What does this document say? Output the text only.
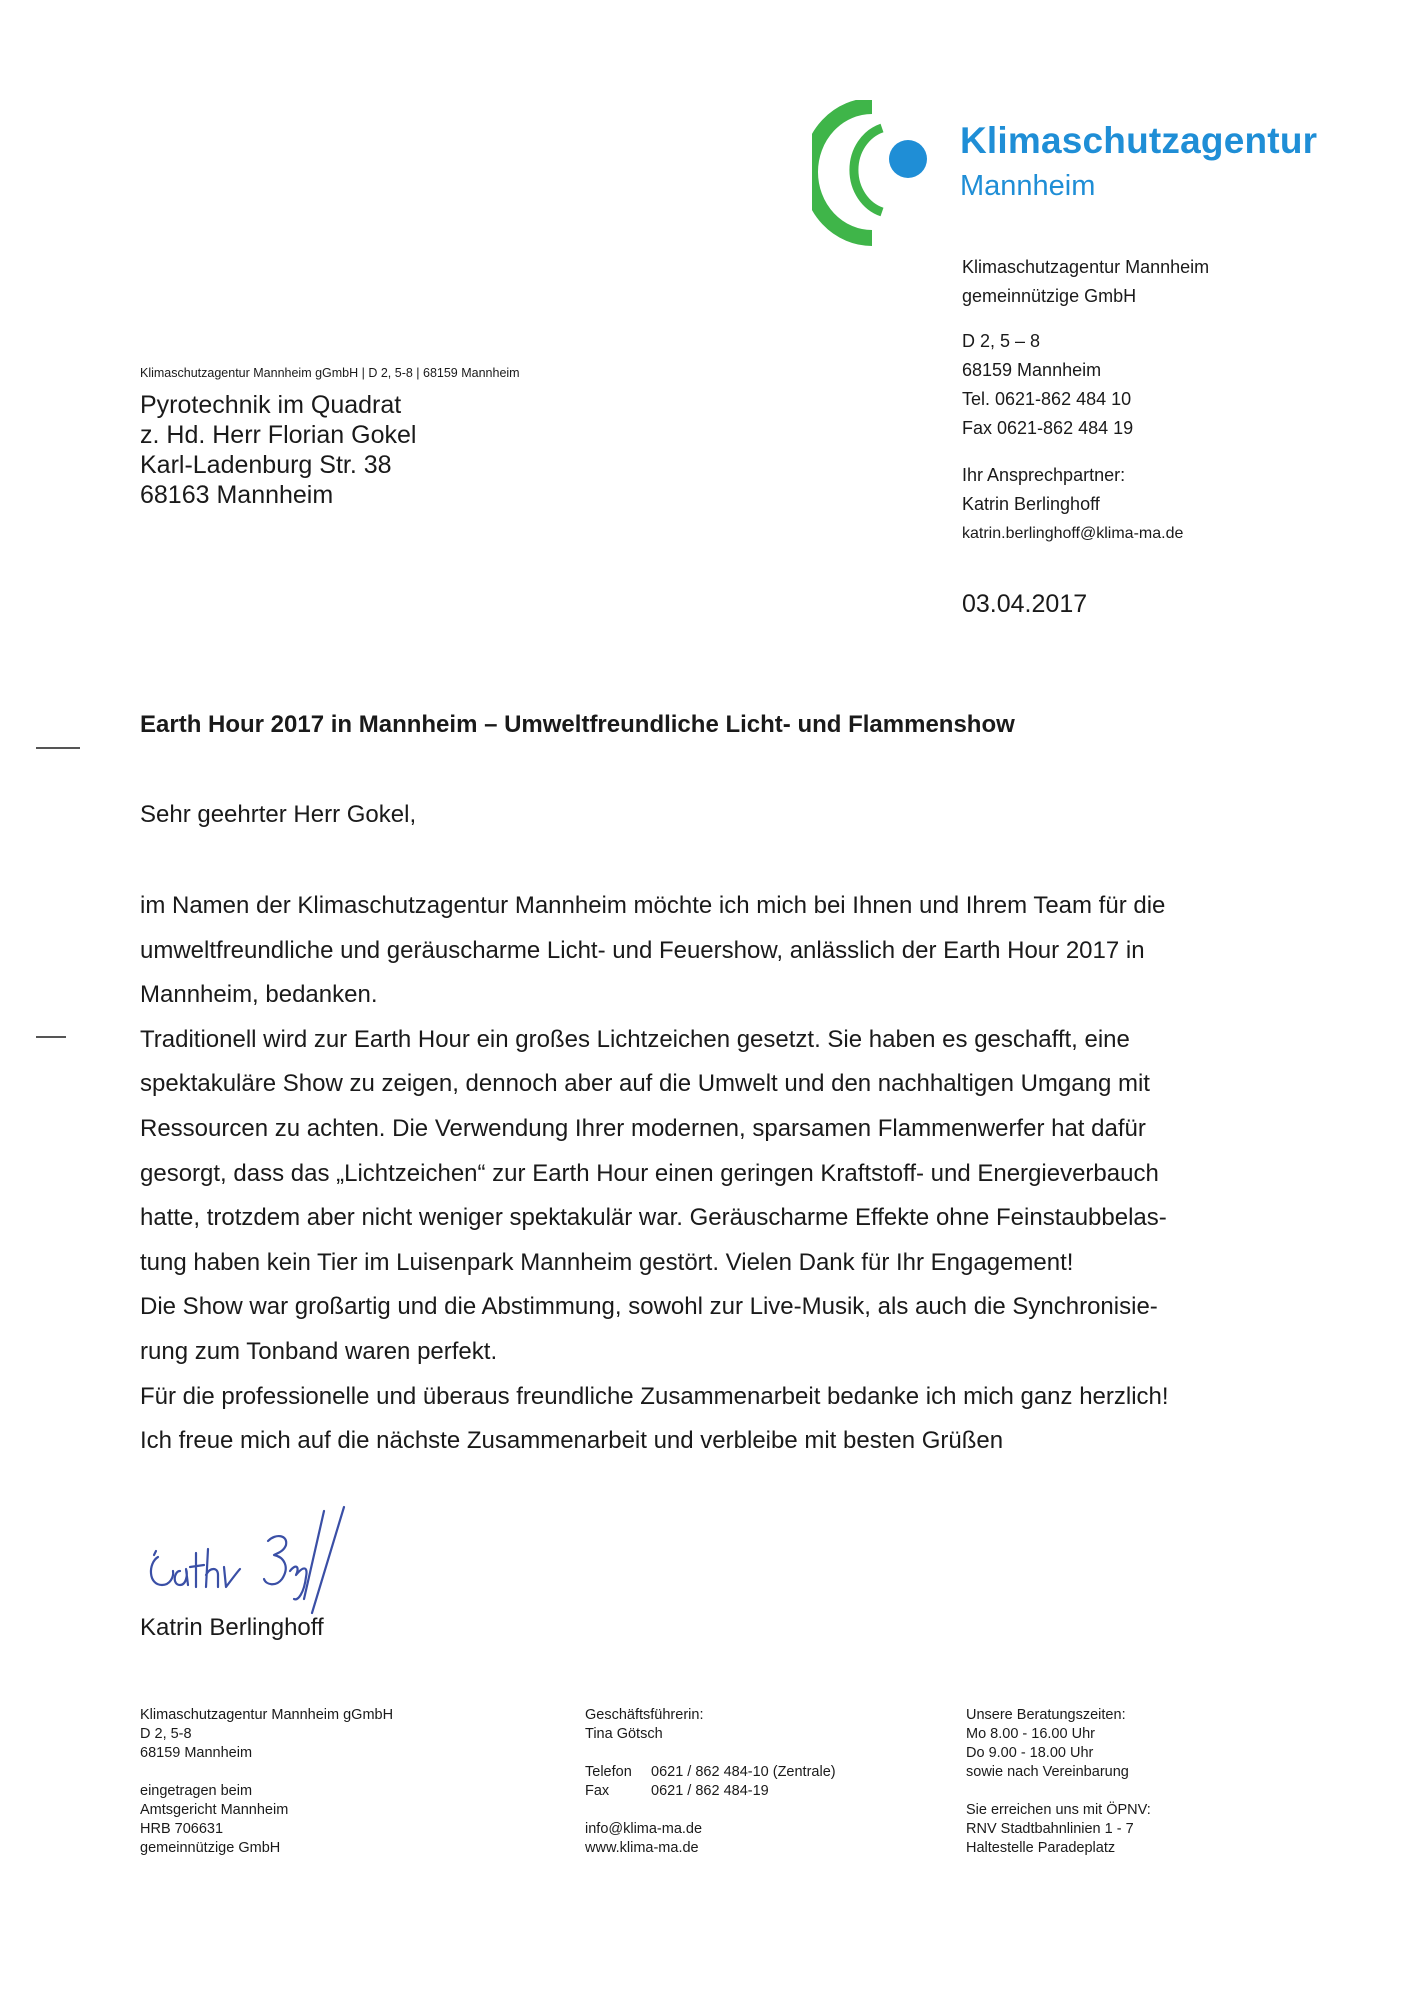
Klimaschutzagentur
Mannheim
Klimaschutzagentur Mannheim
gemeinnützige GmbH
D 2, 5 – 8
68159 Mannheim
Tel. 0621-862 484 10
Fax 0621-862 484 19
Ihr Ansprechpartner:
Katrin Berlinghoff
katrin.berlinghoff@klima-ma.de
03.04.2017
Klimaschutzagentur Mannheim gGmbH | D 2, 5-8 | 68159 Mannheim
Pyrotechnik im Quadrat
z. Hd. Herr Florian Gokel
Karl-Ladenburg Str. 38
68163 Mannheim
Earth Hour 2017 in Mannheim – Umweltfreundliche Licht- und Flammenshow
Sehr geehrter Herr Gokel,

im Namen der Klimaschutzagentur Mannheim möchte ich mich bei Ihnen und Ihrem Team für die

umweltfreundliche und geräuscharme Licht- und Feuershow, anlässlich der Earth Hour 2017 in

Mannheim, bedanken.

Traditionell wird zur Earth Hour ein großes Lichtzeichen gesetzt. Sie haben es geschafft, eine

spektakuläre Show zu zeigen, dennoch aber auf die Umwelt und den nachhaltigen Umgang mit

Ressourcen zu achten. Die Verwendung Ihrer modernen, sparsamen Flammenwerfer hat dafür

gesorgt, dass das „Lichtzeichen“ zur Earth Hour einen geringen Kraftstoff- und Energieverbauch

hatte, trotzdem aber nicht weniger spektakulär war. Geräuscharme Effekte ohne Feinstaubbelas-

tung haben kein Tier im Luisenpark Mannheim gestört. Vielen Dank für Ihr Engagement!

Die Show war großartig und die Abstimmung, sowohl zur Live-Musik, als auch die Synchronisie-

rung zum Tonband waren perfekt.

Für die professionelle und überaus freundliche Zusammenarbeit bedanke ich mich ganz herzlich!

Ich freue mich auf die nächste Zusammenarbeit und verbleibe mit besten Grüßen

Katrin Berlinghoff
Klimaschutzagentur Mannheim gGmbH
D 2, 5-8
68159 Mannheim
eingetragen beim
Amtsgericht Mannheim
HRB 706631
gemeinnützige GmbH
Geschäftsführerin:
Tina Götsch
Telefon 0621 / 862 484-10 (Zentrale)
Fax	0621 / 862 484-19
info@klima-ma.de
www.klima-ma.de
Unsere Beratungszeiten:
Mo 8.00 - 16.00 Uhr
Do 9.00 - 18.00 Uhr
sowie nach Vereinbarung
Sie erreichen uns mit ÖPNV:
RNV Stadtbahnlinien 1 - 7
Haltestelle Paradeplatz
